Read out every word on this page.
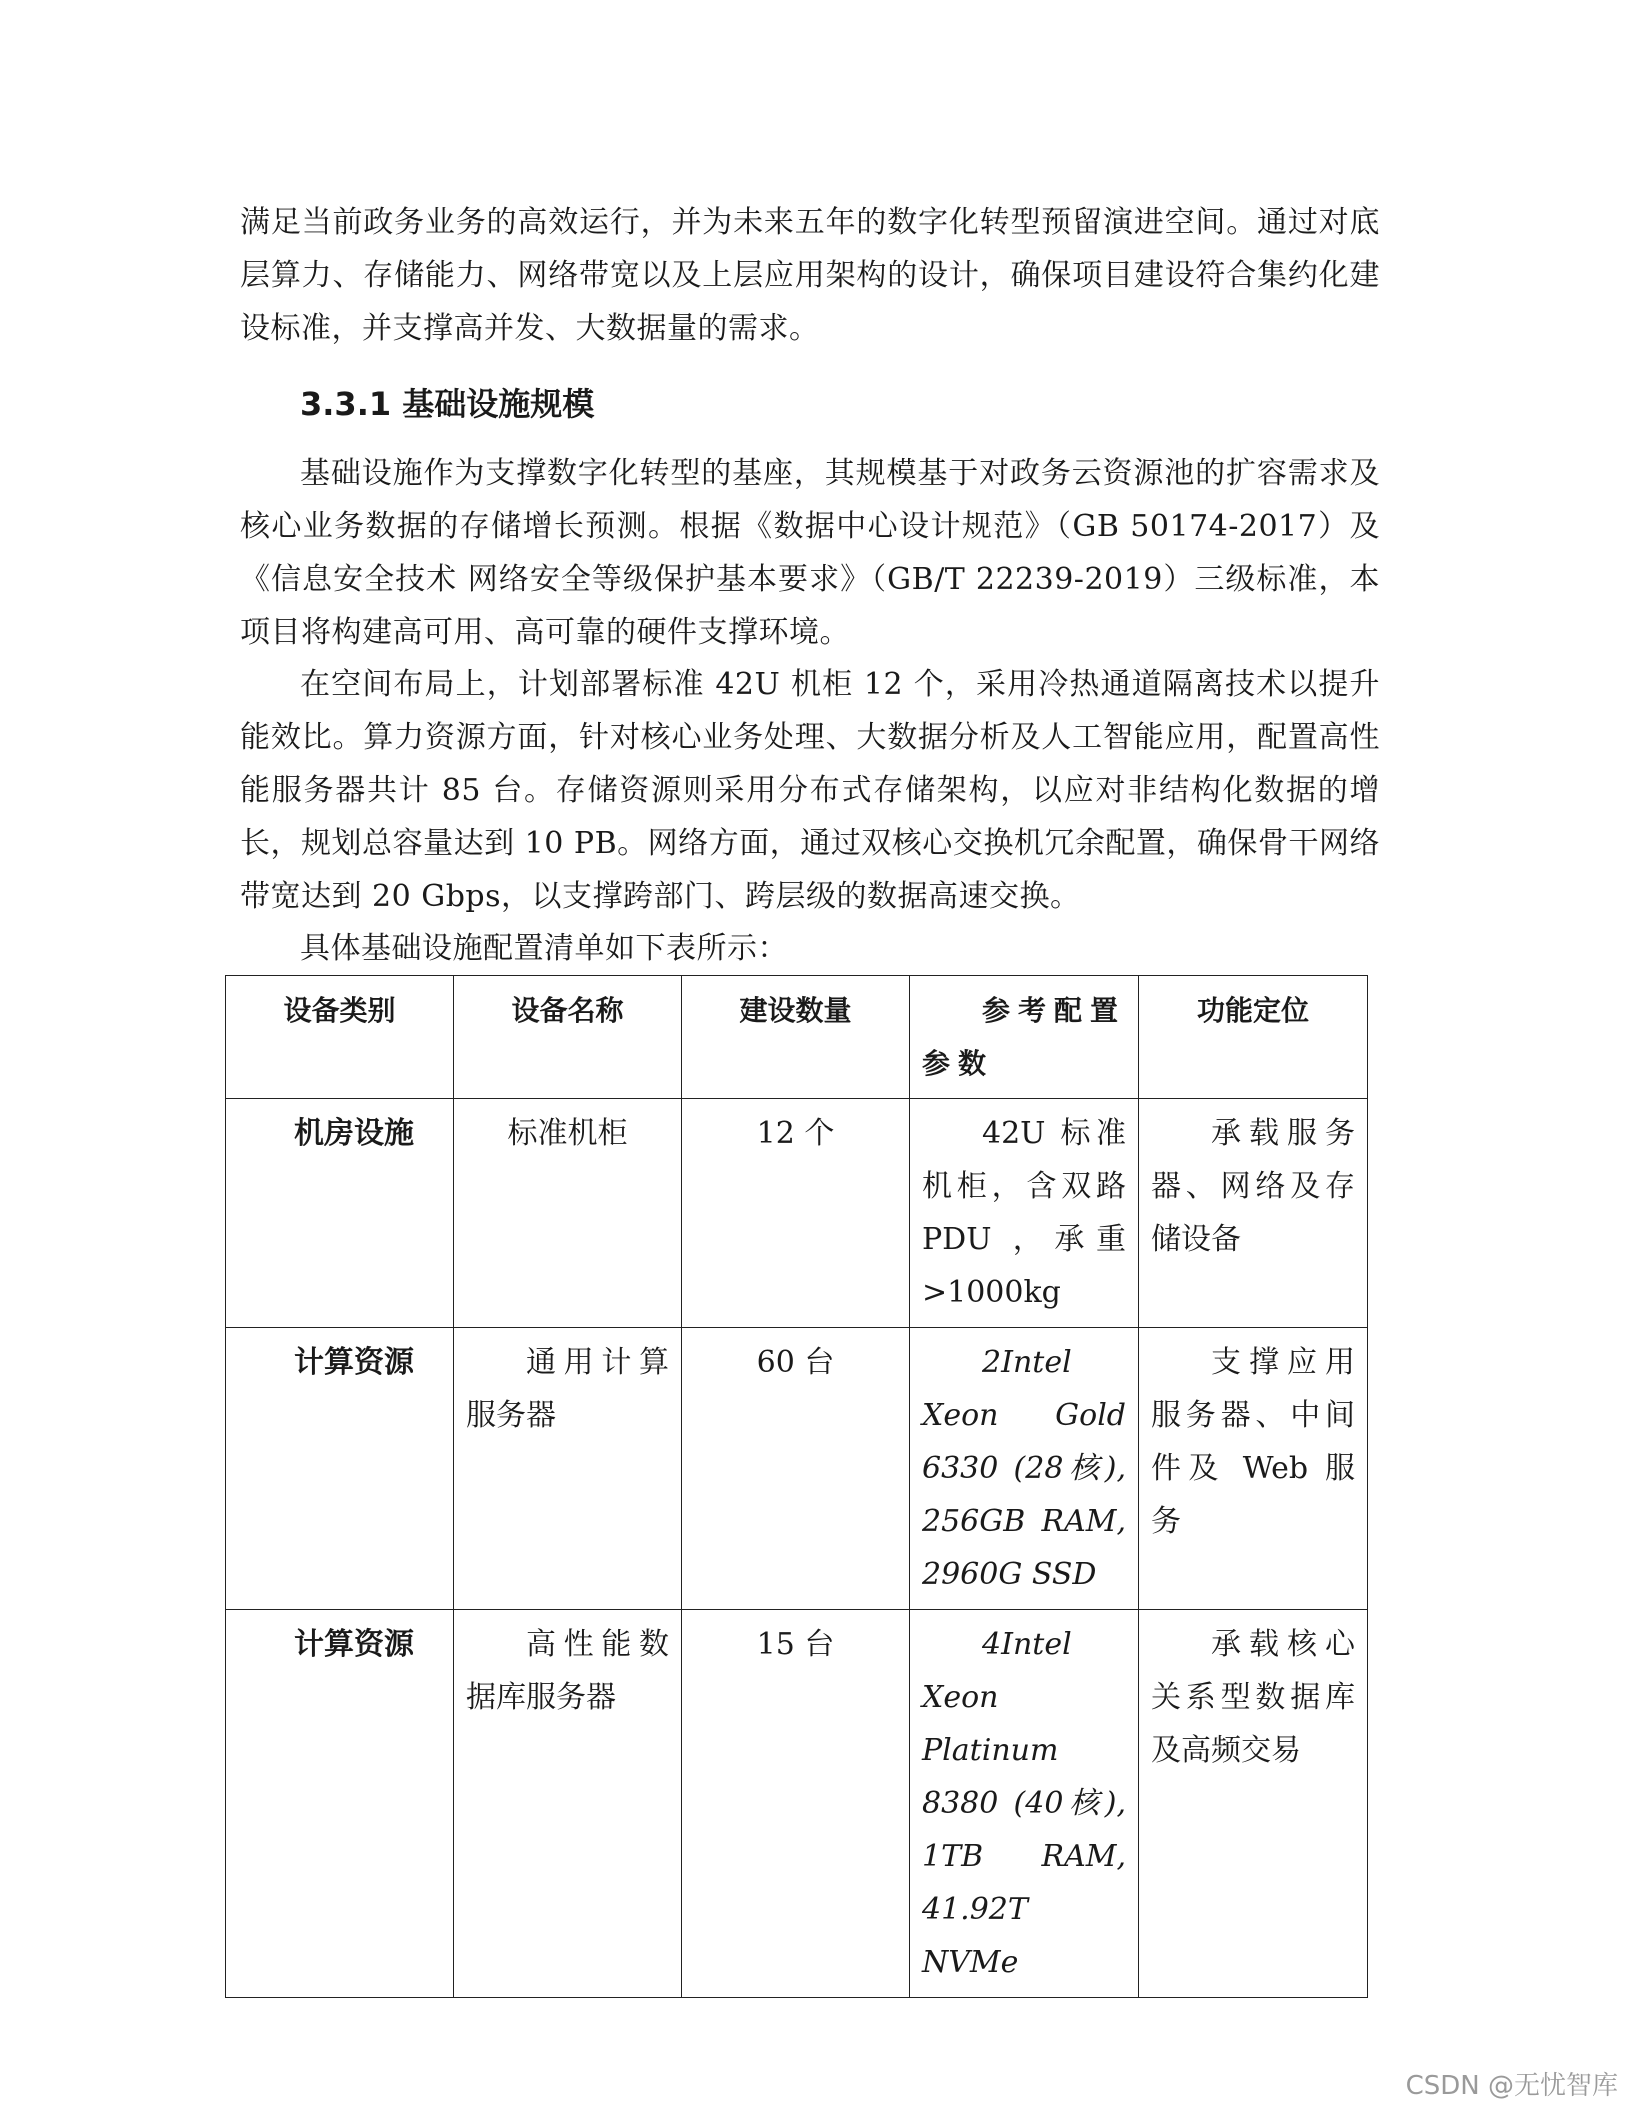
满足当前政务业务的高效运行，并为未来五年的数字化转型预留演进空间。通过对底层算力、存储能力、网络带宽以及上层应用架构的设计，确保项目建设符合集约化建设标准，并支撑高并发、大数据量的需求。

3.3.1 基础设施规模

基础设施作为支撑数字化转型的基座，其规模基于对政务云资源池的扩容需求及核心业务数据的存储增长预测。根据《数据中心设计规范》（GB 50174-2017）及《信息安全技术 网络安全等级保护基本要求》（GB/T 22239-2019）三级标准，本项目将构建高可用、高可靠的硬件支撑环境。

在空间布局上，计划部署标准 42U 机柜 12 个，采用冷热通道隔离技术以提升能效比。算力资源方面，针对核心业务处理、大数据分析及人工智能应用，配置高性能服务器共计 85 台。存储资源则采用分布式存储架构，以应对非结构化数据的增长，规划总容量达到 10 PB。网络方面，通过双核心交换机冗余配置，确保骨干网络带宽达到 20 Gbps，以支撑跨部门、跨层级的数据高速交换。

具体基础设施配置清单如下表所示：

设备类别	设备名称	建设数量	参考配置参数	功能定位
机房设施	标准机柜	12 个	42U 标准机柜，含双路 PDU ，承重>1000kg	承载服务器、网络及存储设备
计算资源	通用计算服务器	60 台	2Intel Xeon Gold 6330 (28核), 256GB RAM, 2960G SSD	支撑应用服务器、中间件及 Web 服务
计算资源	高性能数据库服务器	15 台	4Intel Xeon Platinum 8380 (40核), 1TB RAM, 41.92T NVMe	承载核心关系型数据库及高频交易
CSDN @无忧智库
